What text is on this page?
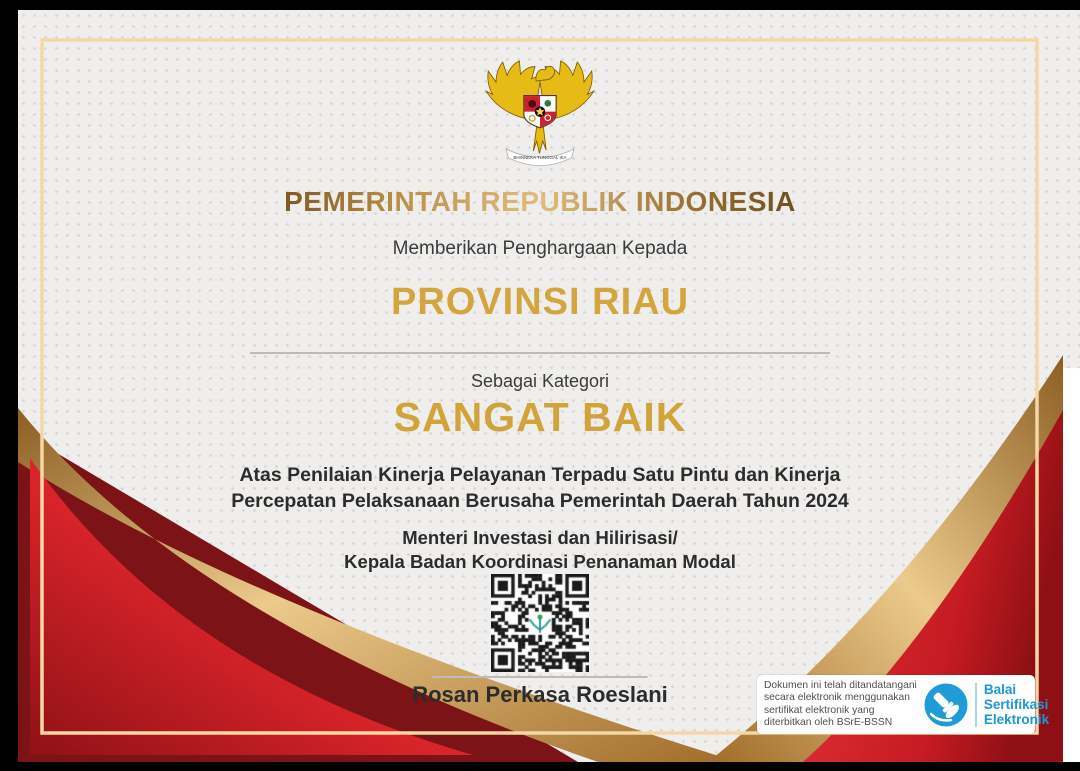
BHINNEKA TUNGGAL IKA
PEMERINTAH REPUBLIK INDONESIA
Memberikan Penghargaan Kepada
PROVINSI RIAU
Sebagai Kategori
SANGAT BAIK
Atas Penilaian Kinerja Pelayanan Terpadu Satu Pintu dan Kinerja
Percepatan Pelaksanaan Berusaha Pemerintah Daerah Tahun 2024
Menteri Investasi dan Hilirisasi/
Kepala Badan Koordinasi Penanaman Modal
Rosan Perkasa Roeslani	Dokumen ini telah ditandatangani
secara elektronik menggunakan
sertifikat elektronik yang
diterbitkan oleh BSrE-BSSN
Balai
Sertifikasi
Elektronik
